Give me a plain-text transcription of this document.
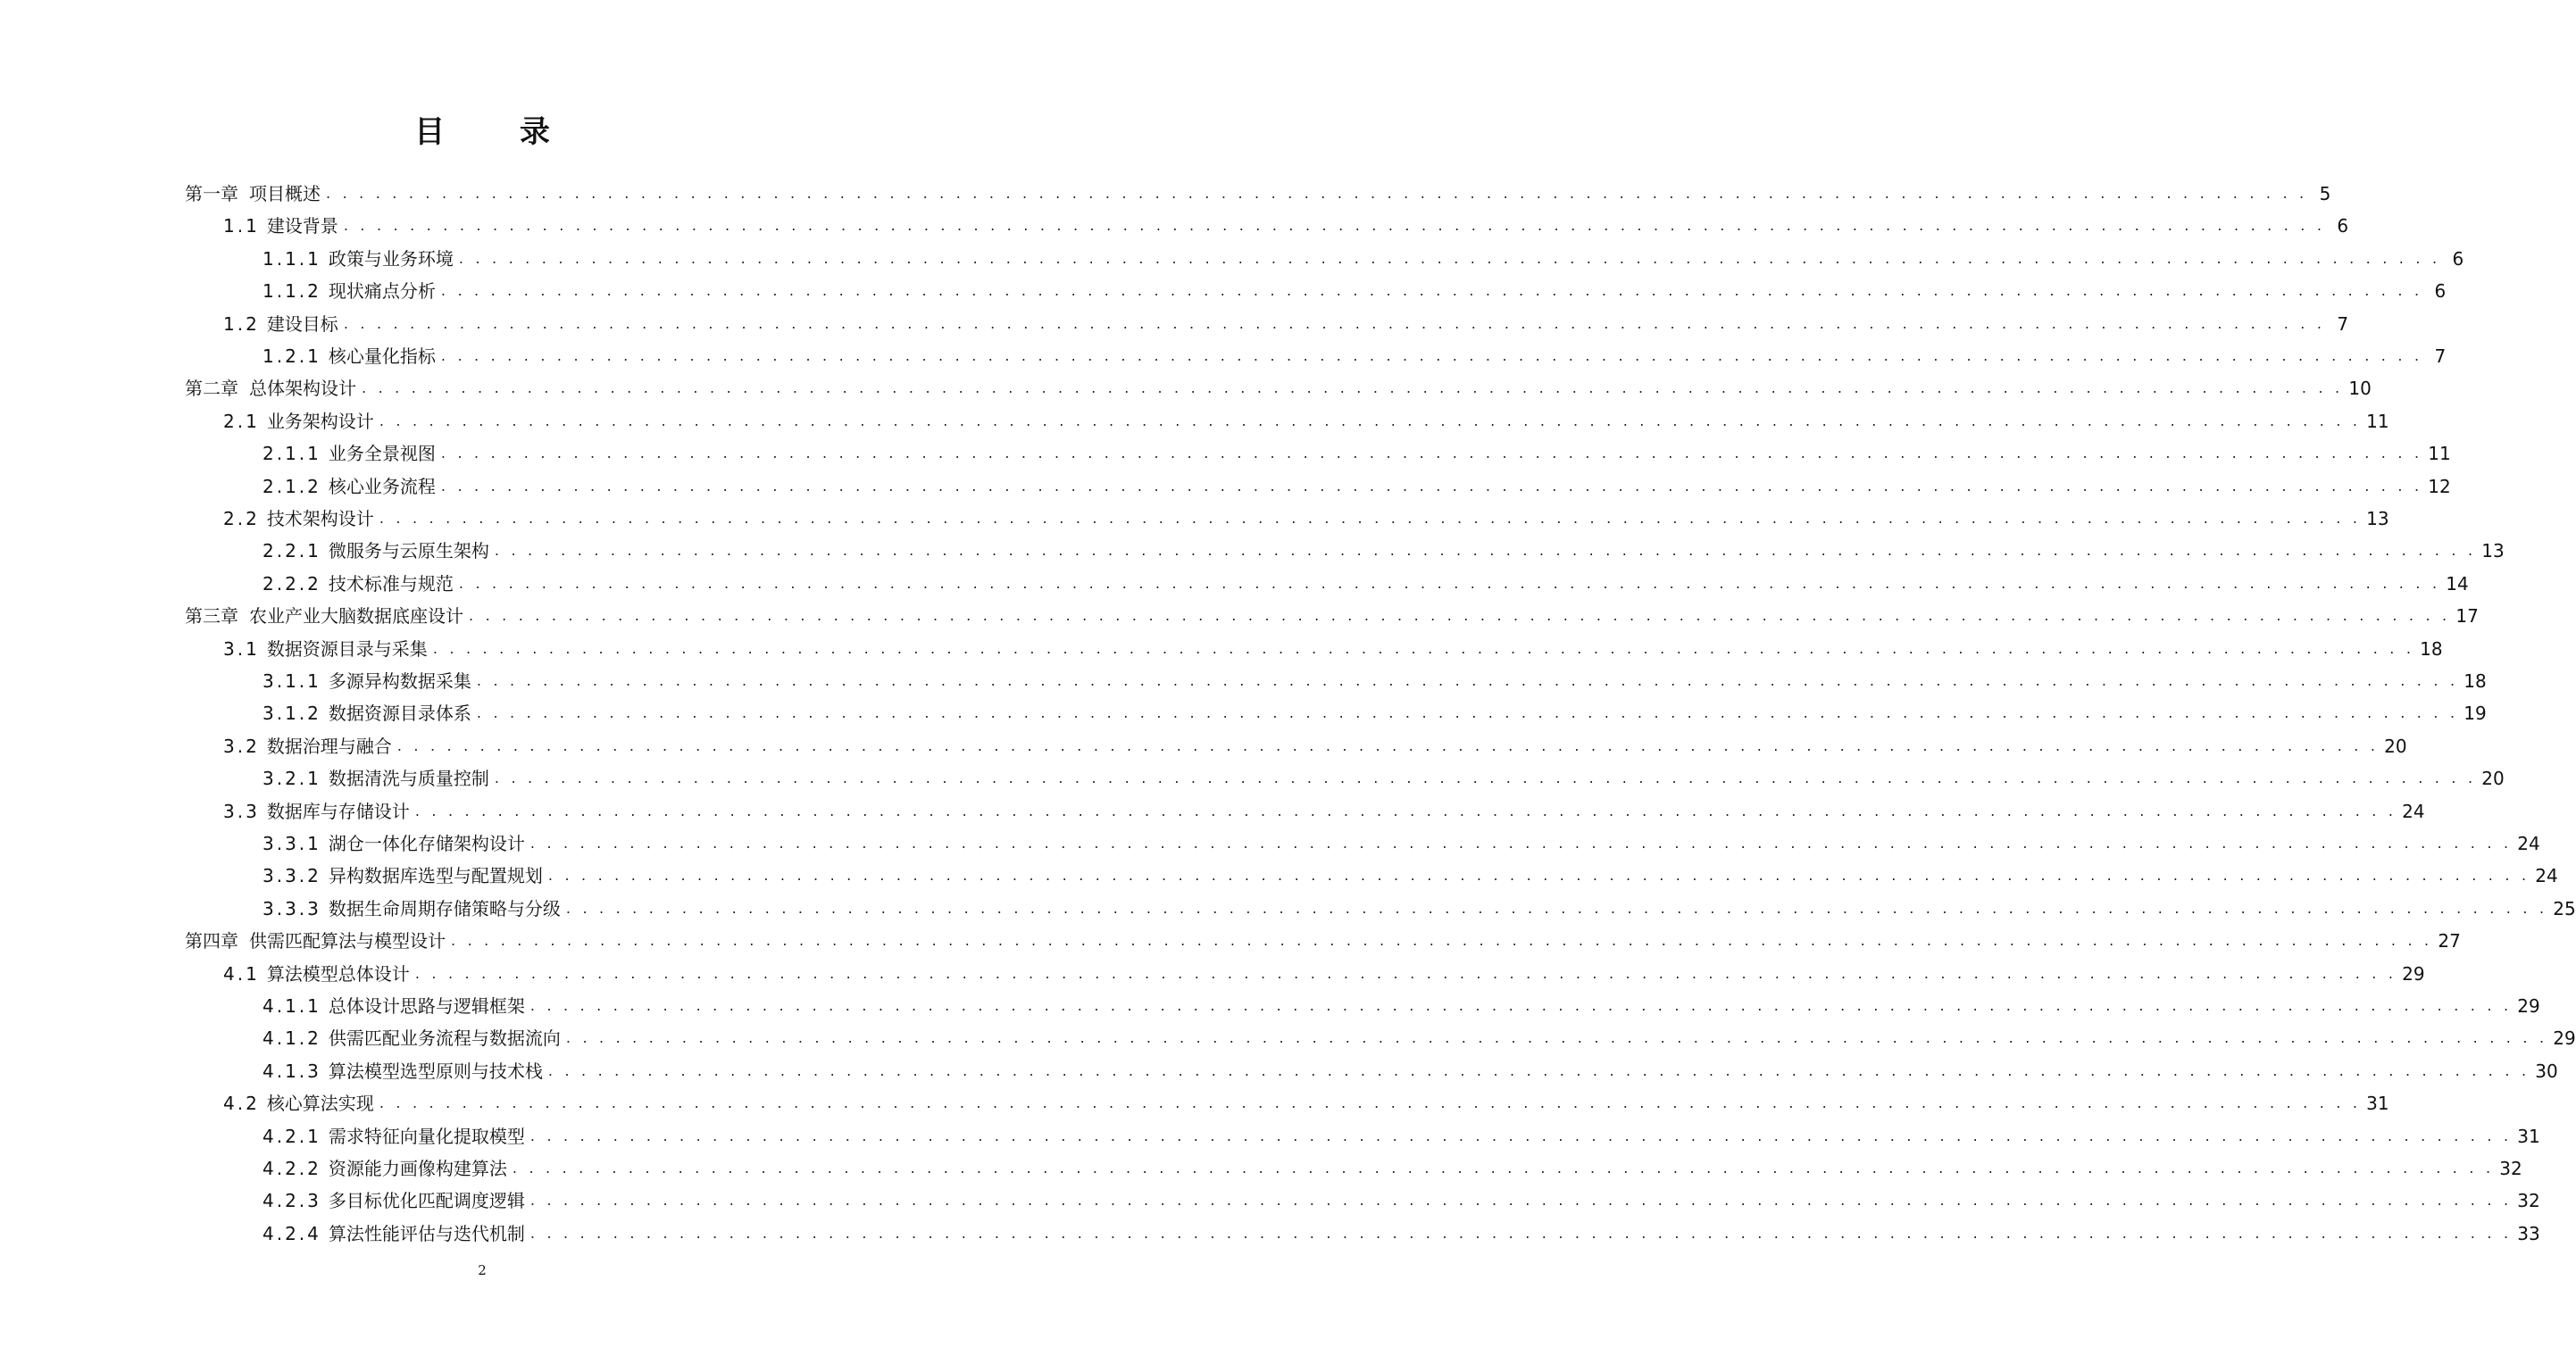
目 录
第一章 项目概述 . . . . . . . . . . . . . . . . . . . . . . . . . . . . . . . . . . . . . . . . . . . . . . . . . . . . . . . . . . . . . . . . . . . . . . . . . . . . . . . . . . . . . . . . . . . . . . . . . . . . . . . . . . . . . . . . . . . . . . . . 5
1.1 建设背景 . . . . . . . . . . . . . . . . . . . . . . . . . . . . . . . . . . . . . . . . . . . . . . . . . . . . . . . . . . . . . . . . . . . . . . . . . . . . . . . . . . . . . . . . . . . . . . . . . . . . . . . . . . . . . . . . . . . . . . . . 6
1.1.1 政策与业务环境 . . . . . . . . . . . . . . . . . . . . . . . . . . . . . . . . . . . . . . . . . . . . . . . . . . . . . . . . . . . . . . . . . . . . . . . . . . . . . . . . . . . . . . . . . . . . . . . . . . . . . . . . . . . . . . . . . . . . . . . . 6
1.1.2 现状痛点分析 . . . . . . . . . . . . . . . . . . . . . . . . . . . . . . . . . . . . . . . . . . . . . . . . . . . . . . . . . . . . . . . . . . . . . . . . . . . . . . . . . . . . . . . . . . . . . . . . . . . . . . . . . . . . . . . . . . . . . . . . 6
1.2 建设目标 . . . . . . . . . . . . . . . . . . . . . . . . . . . . . . . . . . . . . . . . . . . . . . . . . . . . . . . . . . . . . . . . . . . . . . . . . . . . . . . . . . . . . . . . . . . . . . . . . . . . . . . . . . . . . . . . . . . . . . . . 7
1.2.1 核心量化指标 . . . . . . . . . . . . . . . . . . . . . . . . . . . . . . . . . . . . . . . . . . . . . . . . . . . . . . . . . . . . . . . . . . . . . . . . . . . . . . . . . . . . . . . . . . . . . . . . . . . . . . . . . . . . . . . . . . . . . . . . 7
第二章 总体架构设计 . . . . . . . . . . . . . . . . . . . . . . . . . . . . . . . . . . . . . . . . . . . . . . . . . . . . . . . . . . . . . . . . . . . . . . . . . . . . . . . . . . . . . . . . . . . . . . . . . . . . . . . . . . . . . . . . . . . . . . . . 10
2.1 业务架构设计 . . . . . . . . . . . . . . . . . . . . . . . . . . . . . . . . . . . . . . . . . . . . . . . . . . . . . . . . . . . . . . . . . . . . . . . . . . . . . . . . . . . . . . . . . . . . . . . . . . . . . . . . . . . . . . . . . . . . . . . . 11
2.1.1 业务全景视图 . . . . . . . . . . . . . . . . . . . . . . . . . . . . . . . . . . . . . . . . . . . . . . . . . . . . . . . . . . . . . . . . . . . . . . . . . . . . . . . . . . . . . . . . . . . . . . . . . . . . . . . . . . . . . . . . . . . . . . . . 11
2.1.2 核心业务流程 . . . . . . . . . . . . . . . . . . . . . . . . . . . . . . . . . . . . . . . . . . . . . . . . . . . . . . . . . . . . . . . . . . . . . . . . . . . . . . . . . . . . . . . . . . . . . . . . . . . . . . . . . . . . . . . . . . . . . . . . 12
2.2 技术架构设计 . . . . . . . . . . . . . . . . . . . . . . . . . . . . . . . . . . . . . . . . . . . . . . . . . . . . . . . . . . . . . . . . . . . . . . . . . . . . . . . . . . . . . . . . . . . . . . . . . . . . . . . . . . . . . . . . . . . . . . . . 13
2.2.1 微服务与云原生架构 . . . . . . . . . . . . . . . . . . . . . . . . . . . . . . . . . . . . . . . . . . . . . . . . . . . . . . . . . . . . . . . . . . . . . . . . . . . . . . . . . . . . . . . . . . . . . . . . . . . . . . . . . . . . . . . . . . . . . . . . 13
2.2.2 技术标准与规范 . . . . . . . . . . . . . . . . . . . . . . . . . . . . . . . . . . . . . . . . . . . . . . . . . . . . . . . . . . . . . . . . . . . . . . . . . . . . . . . . . . . . . . . . . . . . . . . . . . . . . . . . . . . . . . . . . . . . . . . . 14
第三章 农业产业大脑数据底座设计 . . . . . . . . . . . . . . . . . . . . . . . . . . . . . . . . . . . . . . . . . . . . . . . . . . . . . . . . . . . . . . . . . . . . . . . . . . . . . . . . . . . . . . . . . . . . . . . . . . . . . . . . . . . . . . . . . . . . . . . . 17
3.1 数据资源目录与采集 . . . . . . . . . . . . . . . . . . . . . . . . . . . . . . . . . . . . . . . . . . . . . . . . . . . . . . . . . . . . . . . . . . . . . . . . . . . . . . . . . . . . . . . . . . . . . . . . . . . . . . . . . . . . . . . . . . . . . . . . 18
3.1.1 多源异构数据采集 . . . . . . . . . . . . . . . . . . . . . . . . . . . . . . . . . . . . . . . . . . . . . . . . . . . . . . . . . . . . . . . . . . . . . . . . . . . . . . . . . . . . . . . . . . . . . . . . . . . . . . . . . . . . . . . . . . . . . . . . 18
3.1.2 数据资源目录体系 . . . . . . . . . . . . . . . . . . . . . . . . . . . . . . . . . . . . . . . . . . . . . . . . . . . . . . . . . . . . . . . . . . . . . . . . . . . . . . . . . . . . . . . . . . . . . . . . . . . . . . . . . . . . . . . . . . . . . . . . 19
3.2 数据治理与融合 . . . . . . . . . . . . . . . . . . . . . . . . . . . . . . . . . . . . . . . . . . . . . . . . . . . . . . . . . . . . . . . . . . . . . . . . . . . . . . . . . . . . . . . . . . . . . . . . . . . . . . . . . . . . . . . . . . . . . . . . 20
3.2.1 数据清洗与质量控制 . . . . . . . . . . . . . . . . . . . . . . . . . . . . . . . . . . . . . . . . . . . . . . . . . . . . . . . . . . . . . . . . . . . . . . . . . . . . . . . . . . . . . . . . . . . . . . . . . . . . . . . . . . . . . . . . . . . . . . . . 20
3.3 数据库与存储设计 . . . . . . . . . . . . . . . . . . . . . . . . . . . . . . . . . . . . . . . . . . . . . . . . . . . . . . . . . . . . . . . . . . . . . . . . . . . . . . . . . . . . . . . . . . . . . . . . . . . . . . . . . . . . . . . . . . . . . . . . 24
3.3.1 湖仓一体化存储架构设计 . . . . . . . . . . . . . . . . . . . . . . . . . . . . . . . . . . . . . . . . . . . . . . . . . . . . . . . . . . . . . . . . . . . . . . . . . . . . . . . . . . . . . . . . . . . . . . . . . . . . . . . . . . . . . . . . . . . . . . . . 24
3.3.2 异构数据库选型与配置规划 . . . . . . . . . . . . . . . . . . . . . . . . . . . . . . . . . . . . . . . . . . . . . . . . . . . . . . . . . . . . . . . . . . . . . . . . . . . . . . . . . . . . . . . . . . . . . . . . . . . . . . . . . . . . . . . . . . . . . . . . 24
3.3.3 数据生命周期存储策略与分级 . . . . . . . . . . . . . . . . . . . . . . . . . . . . . . . . . . . . . . . . . . . . . . . . . . . . . . . . . . . . . . . . . . . . . . . . . . . . . . . . . . . . . . . . . . . . . . . . . . . . . . . . . . . . . . . . . . . . . . . . 25
第四章 供需匹配算法与模型设计 . . . . . . . . . . . . . . . . . . . . . . . . . . . . . . . . . . . . . . . . . . . . . . . . . . . . . . . . . . . . . . . . . . . . . . . . . . . . . . . . . . . . . . . . . . . . . . . . . . . . . . . . . . . . . . . . . . . . . . . . 27
4.1 算法模型总体设计 . . . . . . . . . . . . . . . . . . . . . . . . . . . . . . . . . . . . . . . . . . . . . . . . . . . . . . . . . . . . . . . . . . . . . . . . . . . . . . . . . . . . . . . . . . . . . . . . . . . . . . . . . . . . . . . . . . . . . . . . 29
4.1.1 总体设计思路与逻辑框架 . . . . . . . . . . . . . . . . . . . . . . . . . . . . . . . . . . . . . . . . . . . . . . . . . . . . . . . . . . . . . . . . . . . . . . . . . . . . . . . . . . . . . . . . . . . . . . . . . . . . . . . . . . . . . . . . . . . . . . . . 29
4.1.2 供需匹配业务流程与数据流向 . . . . . . . . . . . . . . . . . . . . . . . . . . . . . . . . . . . . . . . . . . . . . . . . . . . . . . . . . . . . . . . . . . . . . . . . . . . . . . . . . . . . . . . . . . . . . . . . . . . . . . . . . . . . . . . . . . . . . . . . 29
4.1.3 算法模型选型原则与技术栈 . . . . . . . . . . . . . . . . . . . . . . . . . . . . . . . . . . . . . . . . . . . . . . . . . . . . . . . . . . . . . . . . . . . . . . . . . . . . . . . . . . . . . . . . . . . . . . . . . . . . . . . . . . . . . . . . . . . . . . . . 30
4.2 核心算法实现 . . . . . . . . . . . . . . . . . . . . . . . . . . . . . . . . . . . . . . . . . . . . . . . . . . . . . . . . . . . . . . . . . . . . . . . . . . . . . . . . . . . . . . . . . . . . . . . . . . . . . . . . . . . . . . . . . . . . . . . . 31
4.2.1 需求特征向量化提取模型 . . . . . . . . . . . . . . . . . . . . . . . . . . . . . . . . . . . . . . . . . . . . . . . . . . . . . . . . . . . . . . . . . . . . . . . . . . . . . . . . . . . . . . . . . . . . . . . . . . . . . . . . . . . . . . . . . . . . . . . . 31
4.2.2 资源能力画像构建算法 . . . . . . . . . . . . . . . . . . . . . . . . . . . . . . . . . . . . . . . . . . . . . . . . . . . . . . . . . . . . . . . . . . . . . . . . . . . . . . . . . . . . . . . . . . . . . . . . . . . . . . . . . . . . . . . . . . . . . . . . 32
4.2.3 多目标优化匹配调度逻辑 . . . . . . . . . . . . . . . . . . . . . . . . . . . . . . . . . . . . . . . . . . . . . . . . . . . . . . . . . . . . . . . . . . . . . . . . . . . . . . . . . . . . . . . . . . . . . . . . . . . . . . . . . . . . . . . . . . . . . . . . 32
4.2.4 算法性能评估与迭代机制 . . . . . . . . . . . . . . . . . . . . . . . . . . . . . . . . . . . . . . . . . . . . . . . . . . . . . . . . . . . . . . . . . . . . . . . . . . . . . . . . . . . . . . . . . . . . . . . . . . . . . . . . . . . . . . . . . . . . . . . . 33
2
